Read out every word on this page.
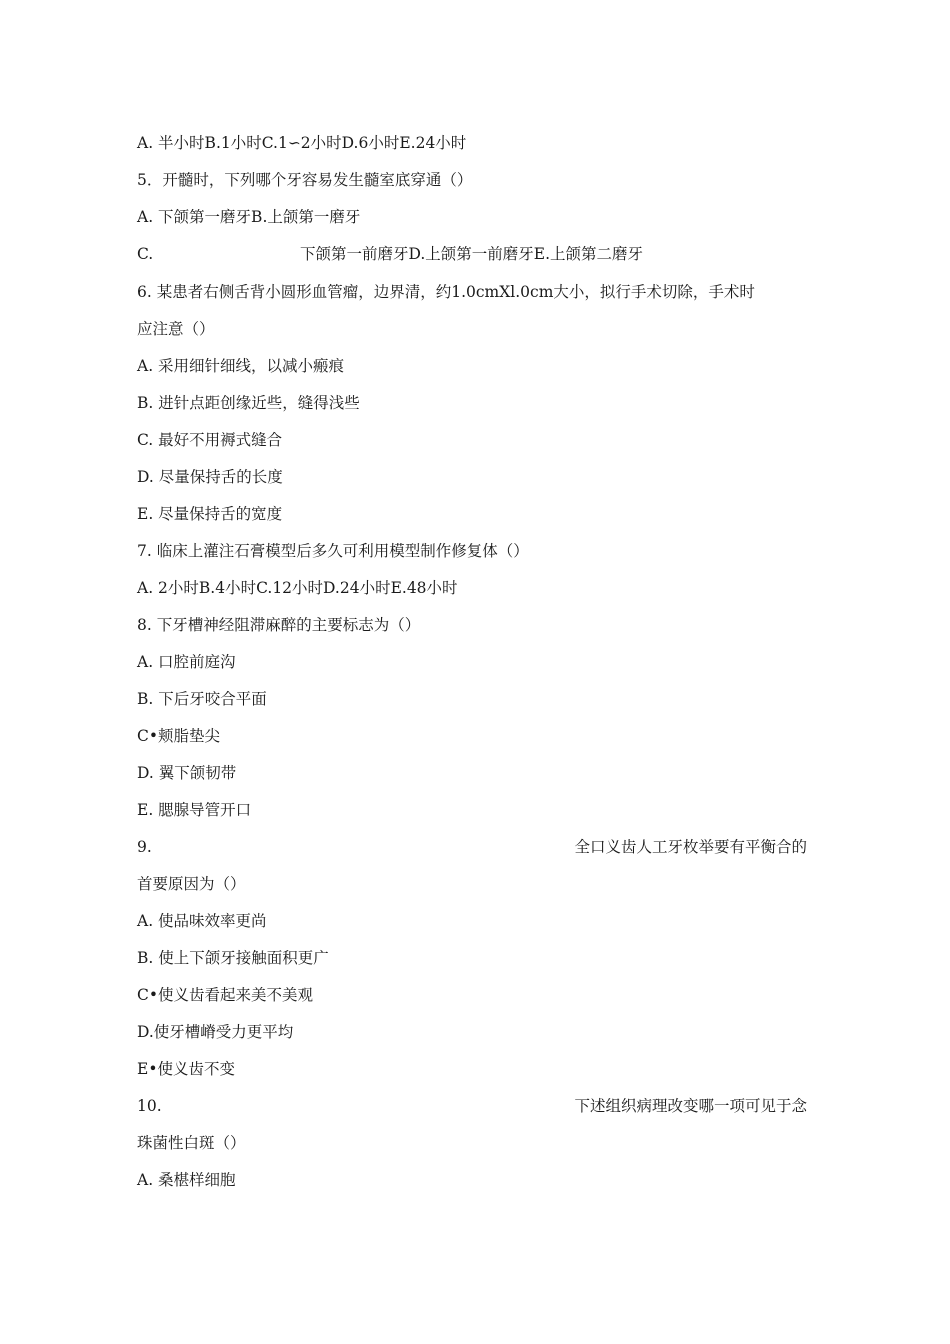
A. 半小时B.1小时C.1∽2小时D.6小时E.24小时
5．开髓时，下列哪个牙容易发生髓室底穿通（）
A. 下颌第一磨牙B.上颌第一磨牙
C.	下颌第一前磨牙D.上颌第一前磨牙E.上颌第二磨牙
6. 某患者右侧舌背小圆形血管瘤，边界清，约1.0cmXl.0cm大小，拟行手术切除，手术时
应注意（）
A. 采用细针细线，以减小瘢痕
B. 进针点距创缘近些，缝得浅些
C. 最好不用褥式缝合
D. 尽量保持舌的长度
E. 尽量保持舌的宽度
7. 临床上灌注石膏模型后多久可利用模型制作修复体（）
A. 2小时B.4小时C.12小时D.24小时E.48小时
8. 下牙槽神经阻滞麻醉的主要标志为（）
A. 口腔前庭沟
B. 下后牙咬合平面
C•颊脂垫尖
D. 翼下颌韧带
E. 腮腺导管开口
9.	全口义齿人工牙枚举要有平衡合的
首要原因为（）
A. 使品味效率更尚
B. 使上下颌牙接触面积更广
C•使义齿看起来美不美观
D.使牙槽嵴受力更平均
E•使义齿不变
10.	下述组织病理改变哪一项可见于念
珠菌性白斑（）
A. 桑椹样细胞
